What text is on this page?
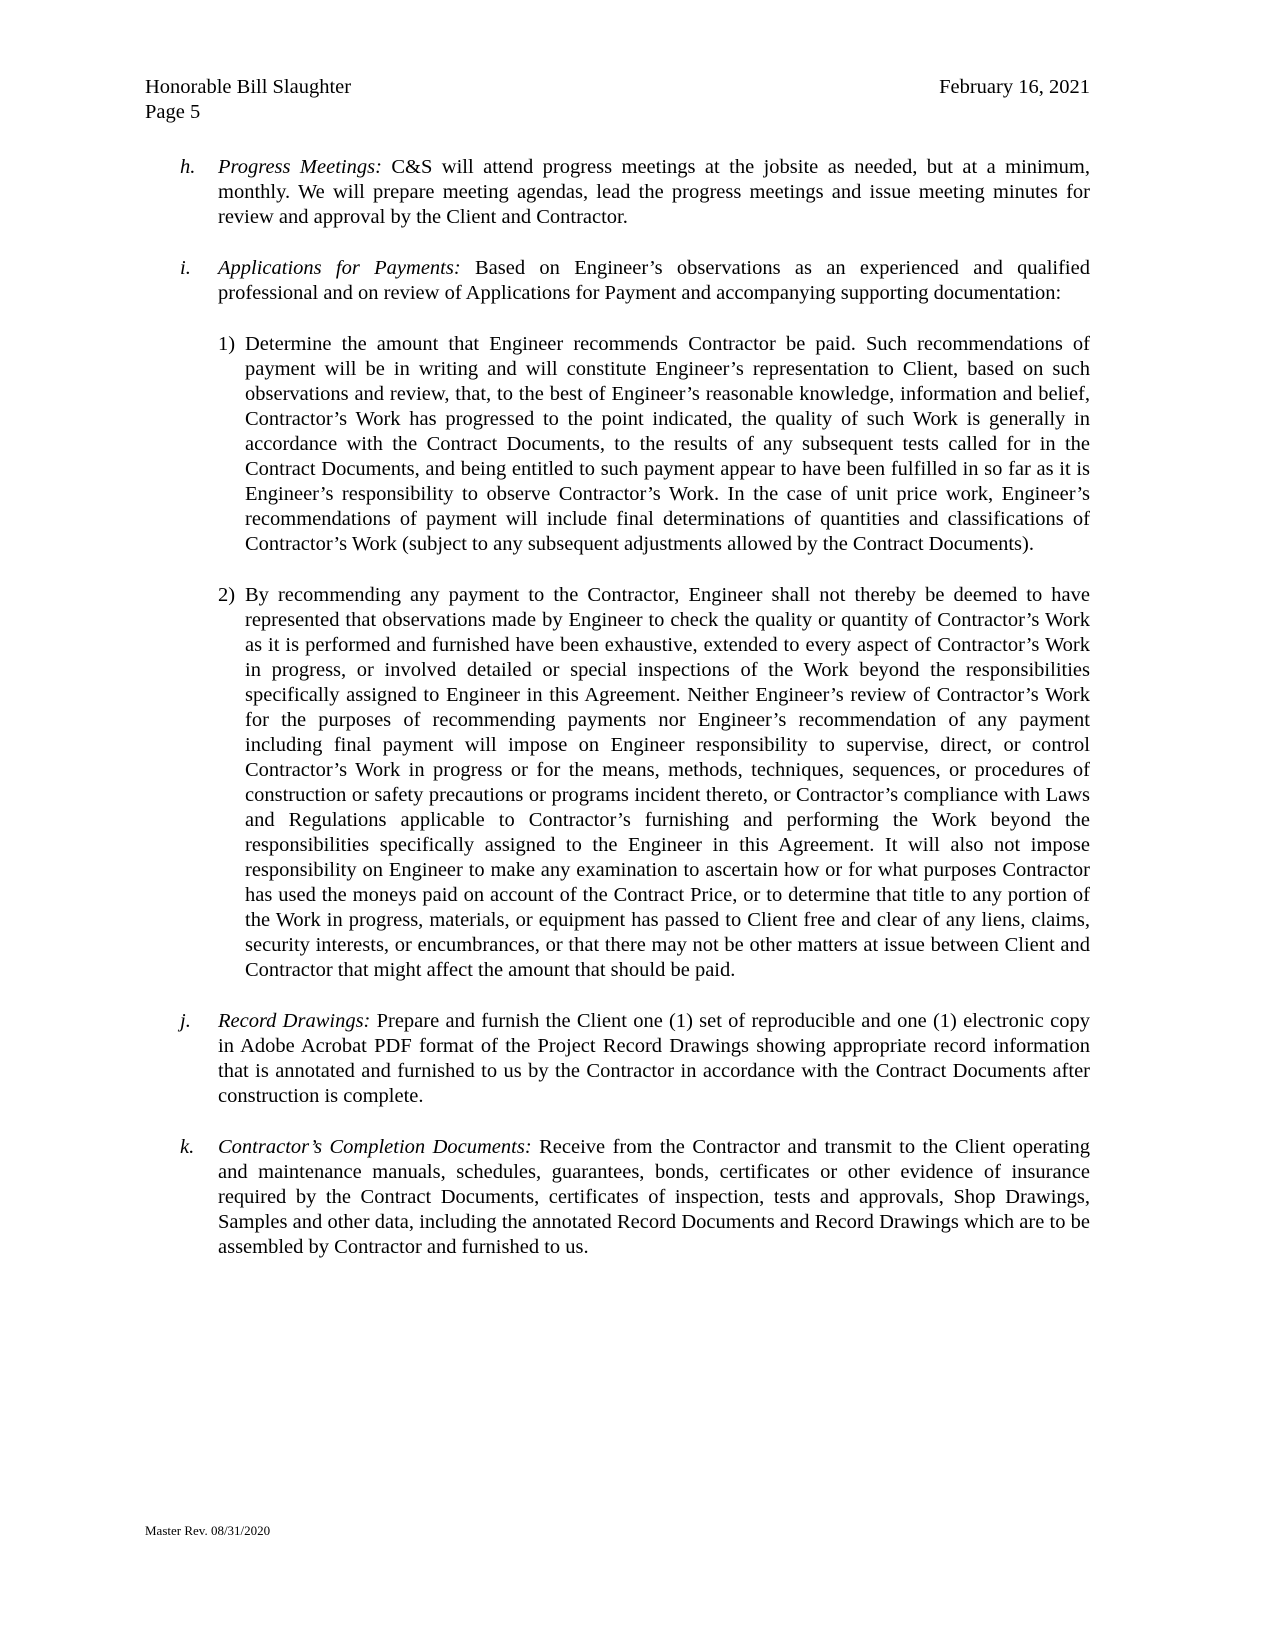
Honorable Bill Slaughter
Page 5
February 16, 2021
h.	Progress Meetings: C&S will attend progress meetings at the jobsite as needed, but at a minimum, monthly. We will prepare meeting agendas, lead the progress meetings and issue meeting minutes for review and approval by the Client and Contractor.

i.	Applications for Payments: Based on Engineer’s observations as an experienced and qualified professional and on review of Applications for Payment and accompanying supporting documentation:

1) Determine the amount that Engineer recommends Contractor be paid. Such recommendations of payment will be in writing and will constitute Engineer’s representation to Client, based on such observations and review, that, to the best of Engineer’s reasonable knowledge, information and belief, Contractor’s Work has progressed to the point indicated, the quality of such Work is generally in accordance with the Contract Documents, to the results of any subsequent tests called for in the Contract Documents, and being entitled to such payment appear to have been fulfilled in so far as it is Engineer’s responsibility to observe Contractor’s Work. In the case of unit price work, Engineer’s recommendations of payment will include final determinations of quantities and classifications of Contractor’s Work (subject to any subsequent adjustments allowed by the Contract Documents).

2) By recommending any payment to the Contractor, Engineer shall not thereby be deemed to have represented that observations made by Engineer to check the quality or quantity of Contractor’s Work as it is performed and furnished have been exhaustive, extended to every aspect of Contractor’s Work in progress, or involved detailed or special inspections of the Work beyond the responsibilities specifically assigned to Engineer in this Agreement. Neither Engineer’s review of Contractor’s Work for the purposes of recommending payments nor Engineer’s recommendation of any payment including final payment will impose on Engineer responsibility to supervise, direct, or control Contractor’s Work in progress or for the means, methods, techniques, sequences, or procedures of construction or safety precautions or programs incident thereto, or Contractor’s compliance with Laws and Regulations applicable to Contractor’s furnishing and performing the Work beyond the responsibilities specifically assigned to the Engineer in this Agreement. It will also not impose responsibility on Engineer to make any examination to ascertain how or for what purposes Contractor has used the moneys paid on account of the Contract Price, or to determine that title to any portion of the Work in progress, materials, or equipment has passed to Client free and clear of any liens, claims, security interests, or encumbrances, or that there may not be other matters at issue between Client and Contractor that might affect the amount that should be paid.

j.	Record Drawings: Prepare and furnish the Client one (1) set of reproducible and one (1) electronic copy in Adobe Acrobat PDF format of the Project Record Drawings showing appropriate record information that is annotated and furnished to us by the Contractor in accordance with the Contract Documents after construction is complete.

k.	Contractor’s Completion Documents: Receive from the Contractor and transmit to the Client operating and maintenance manuals, schedules, guarantees, bonds, certificates or other evidence of insurance required by the Contract Documents, certificates of inspection, tests and approvals, Shop Drawings, Samples and other data, including the annotated Record Documents and Record Drawings which are to be assembled by Contractor and furnished to us.

Master Rev. 08/31/2020
